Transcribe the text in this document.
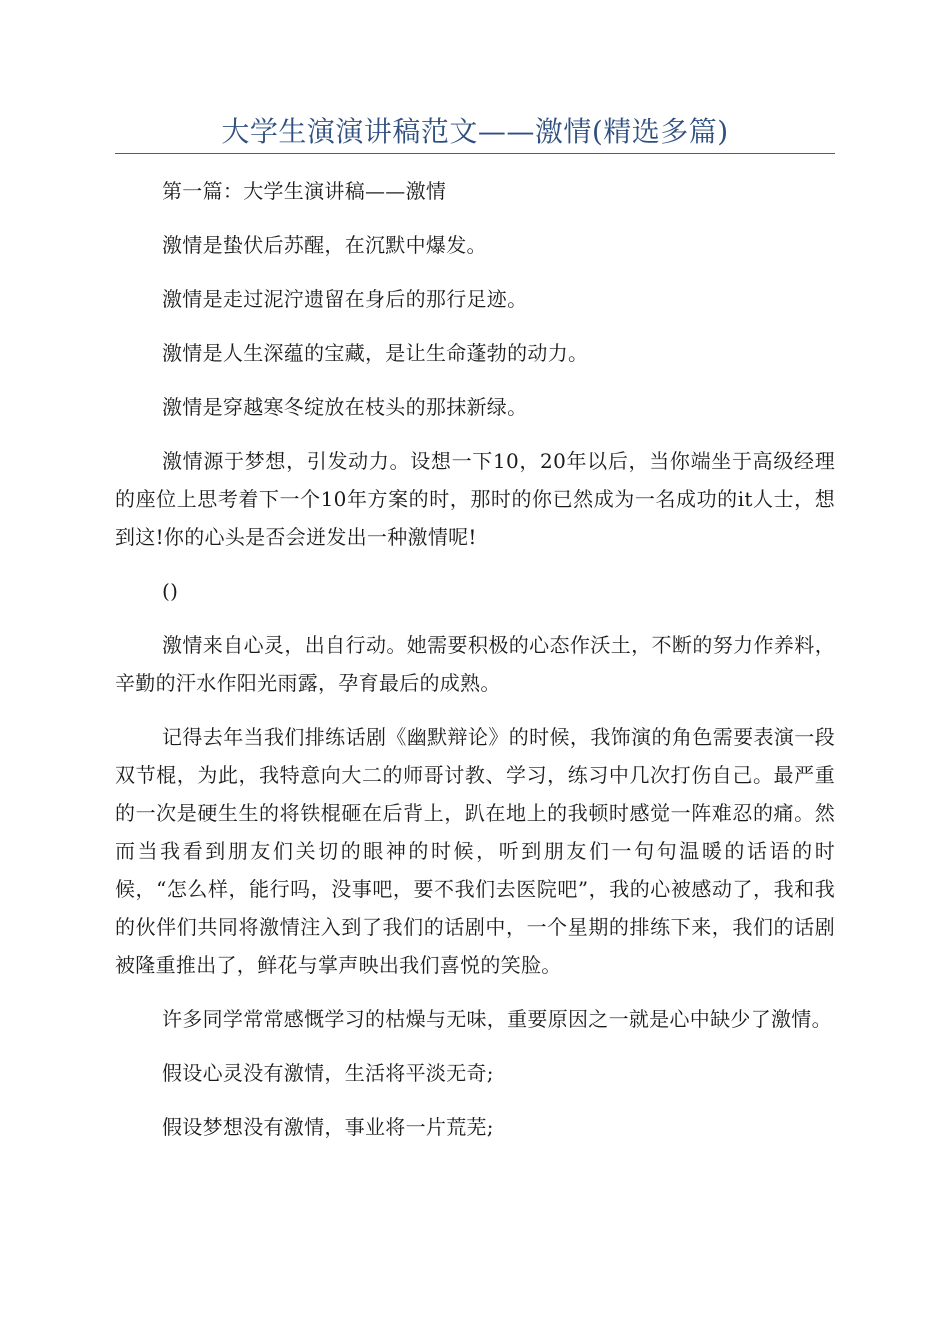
大学生演演讲稿范文——激情(精选多篇)

第一篇：大学生演讲稿——激情

激情是蛰伏后苏醒，在沉默中爆发。

激情是走过泥泞遗留在身后的那行足迹。

激情是人生深蕴的宝藏，是让生命蓬勃的动力。

激情是穿越寒冬绽放在枝头的那抹新绿。

激情源于梦想，引发动力。设想一下10，20年以后，当你端坐于高级经理的座位上思考着下一个10年方案的时，那时的你已然成为一名成功的it人士，想到这!你的心头是否会迸发出一种激情呢!

()

激情来自心灵，出自行动。她需要积极的心态作沃土，不断的努力作养料，辛勤的汗水作阳光雨露，孕育最后的成熟。

记得去年当我们排练话剧《幽默辩论》的时候，我饰演的角色需要表演一段双节棍，为此，我特意向大二的师哥讨教、学习，练习中几次打伤自己。最严重的一次是硬生生的将铁棍砸在后背上，趴在地上的我顿时感觉一阵难忍的痛。然而当我看到朋友们关切的眼神的时候，听到朋友们一句句温暖的话语的时候，“怎么样，能行吗，没事吧，要不我们去医院吧”，我的心被感动了，我和我的伙伴们共同将激情注入到了我们的话剧中，一个星期的排练下来，我们的话剧被隆重推出了，鲜花与掌声映出我们喜悦的笑脸。

许多同学常常感慨学习的枯燥与无味，重要原因之一就是心中缺少了激情。

假设心灵没有激情，生活将平淡无奇;

假设梦想没有激情，事业将一片荒芜;
